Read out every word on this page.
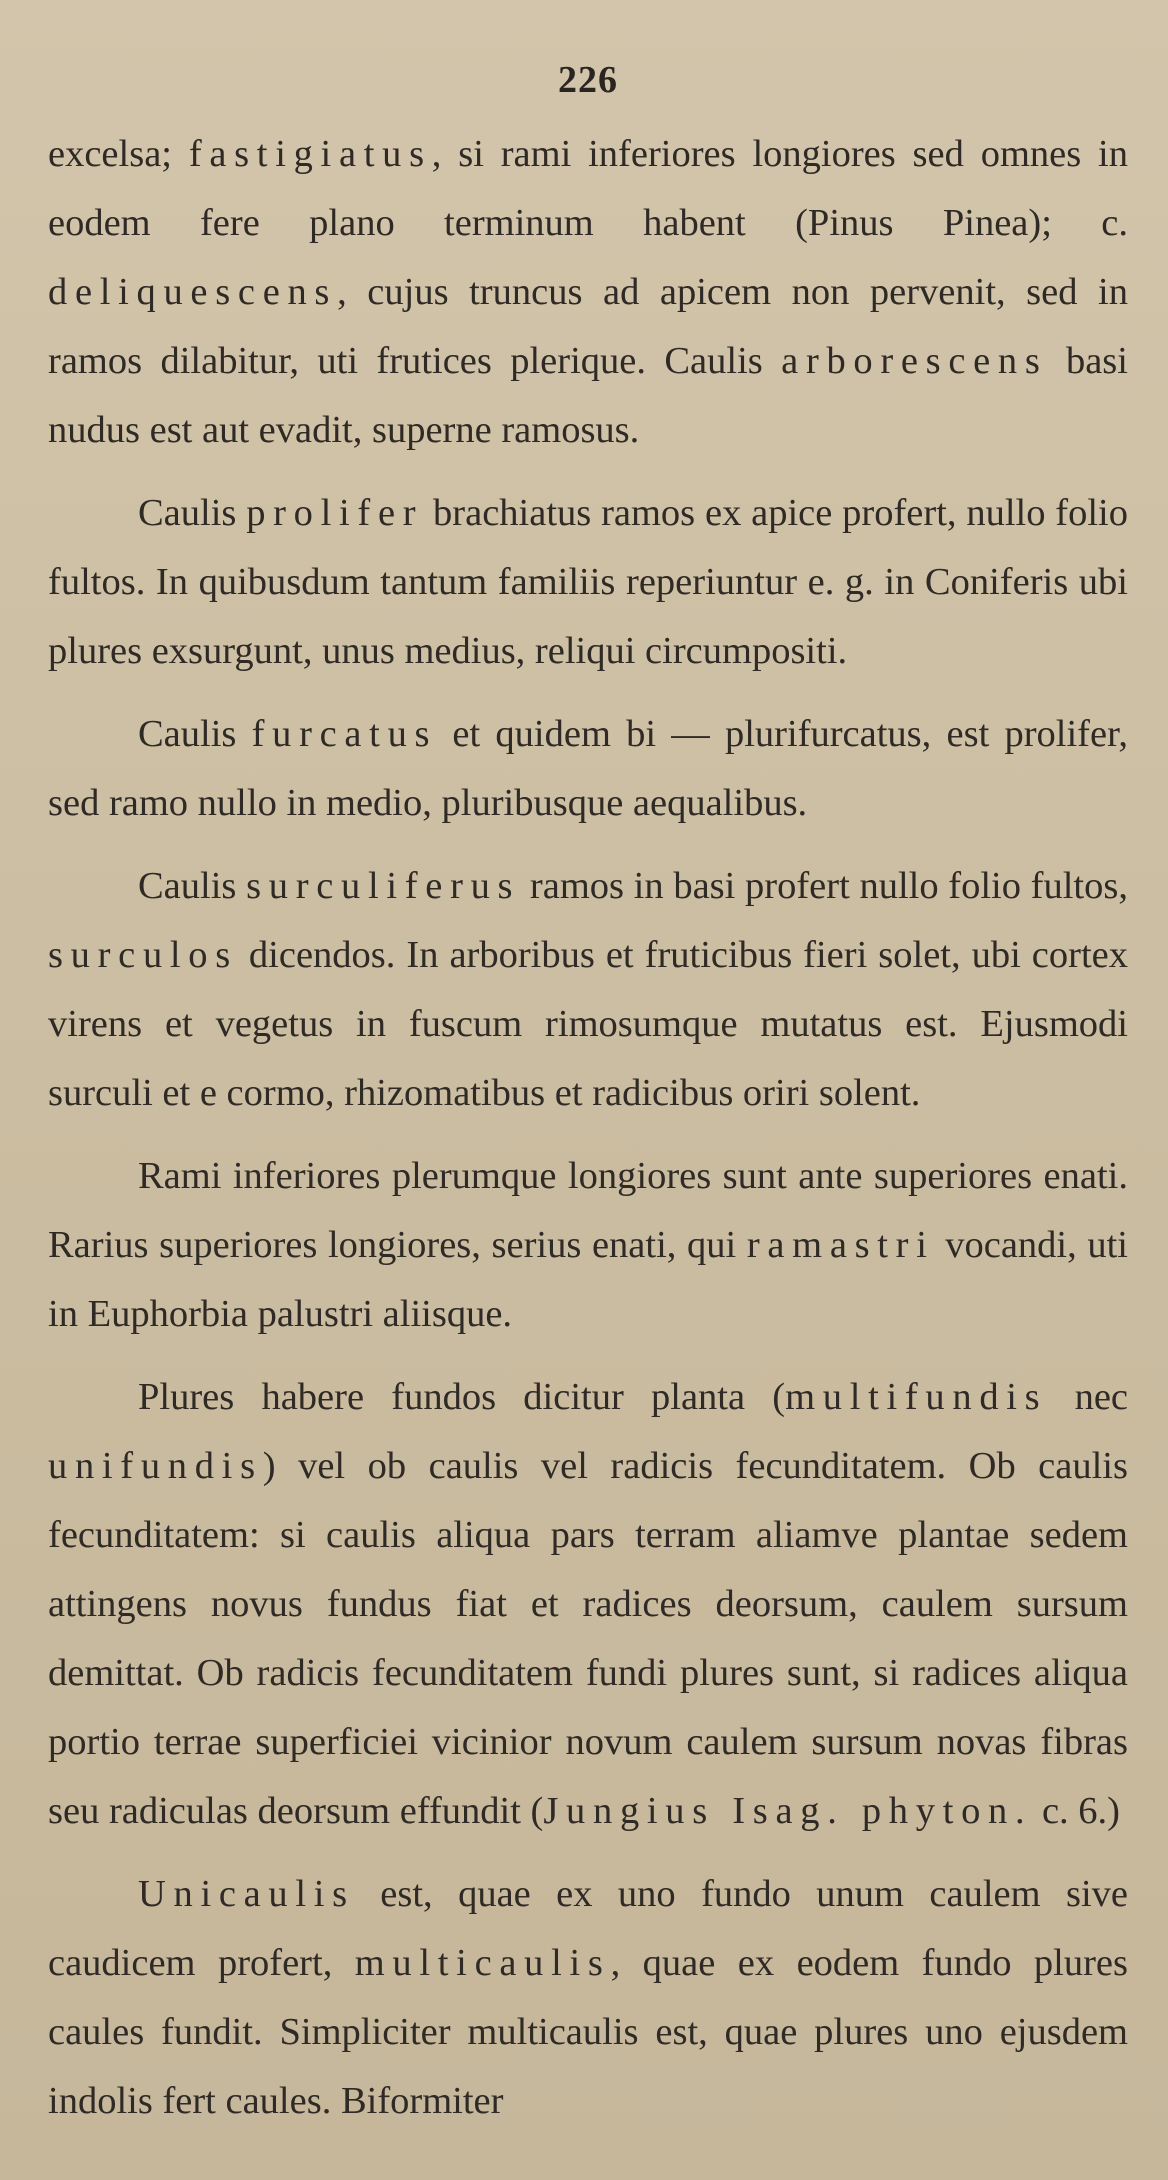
226

excelsa; fastigiatus, si rami inferiores longiores sed omnes in eodem fere plano terminum habent (Pinus Pinea); c. deliquescens, cujus truncus ad apicem non pervenit, sed in ramos dilabitur, uti frutices plerique. Caulis arborescens basi nudus est aut evadit, superne ramosus.

Caulis prolifer brachiatus ramos ex apice profert, nullo folio fultos. In quibusdum tantum familiis reperiuntur e. g. in Coniferis ubi plures exsurgunt, unus medius, reliqui circumpositi.

Caulis furcatus et quidem bi — plurifurcatus, est prolifer, sed ramo nullo in medio, pluribusque aequalibus.

Caulis surculiferus ramos in basi profert nullo folio fultos, surculos dicendos. In arboribus et fruticibus fieri solet, ubi cortex virens et vegetus in fuscum rimosumque mutatus est. Ejusmodi surculi et e cormo, rhizomatibus et radicibus oriri solent.

Rami inferiores plerumque longiores sunt ante superiores enati. Rarius superiores longiores, serius enati, qui ramastri vocandi, uti in Euphorbia palustri aliisque.

Plures habere fundos dicitur planta (multifundis nec unifundis) vel ob caulis vel radicis fecunditatem. Ob caulis fecunditatem: si caulis aliqua pars terram aliamve plantae sedem attingens novus fundus fiat et radices deorsum, caulem sursum demittat. Ob radicis fecunditatem fundi plures sunt, si radices aliqua portio terrae superficiei vicinior novum caulem sursum novas fibras seu radiculas deorsum effundit (Jungius Isag. phyton. c. 6.)

Unicaulis est, quae ex uno fundo unum caulem sive caudicem profert, multicaulis, quae ex eodem fundo plures caules fundit. Simpliciter multicaulis est, quae plures uno ejusdem indolis fert caules. Biformiter
